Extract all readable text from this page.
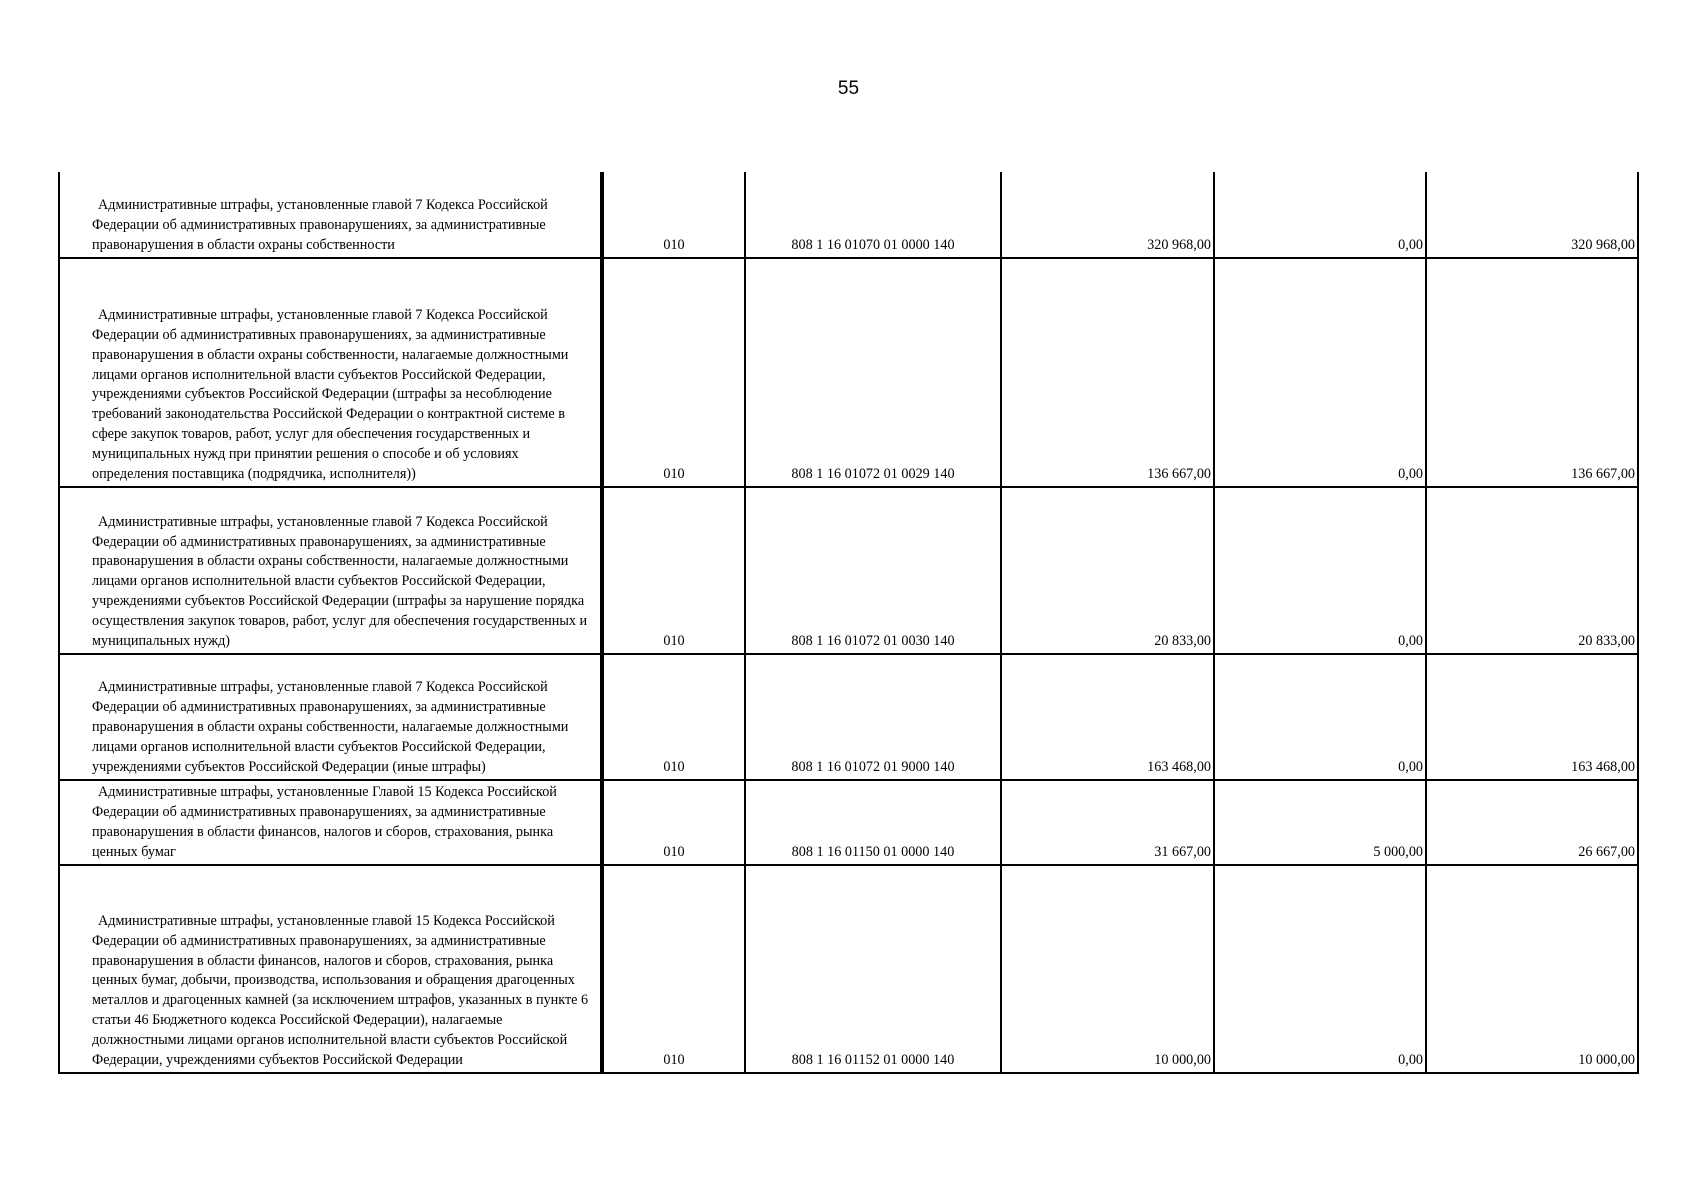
55
Административные штрафы, установленные главой 7 Кодекса Российской Федерации об административных правонарушениях, за административные правонарушения в области охраны собственности	010	808 1 16 01070 01 0000 140	320 968,00	0,00	320 968,00
Административные штрафы, установленные главой 7 Кодекса Российской Федерации об административных правонарушениях, за административные правонарушения в области охраны собственности, налагаемые должностными лицами органов исполнительной власти субъектов Российской Федерации, учреждениями субъектов Российской Федерации (штрафы за несоблюдение требований законодательства Российской Федерации о контрактной системе в сфере закупок товаров, работ, услуг для обеспечения государственных и муниципальных нужд при принятии решения о способе и об условиях определения поставщика (подрядчика, исполнителя))	010	808 1 16 01072 01 0029 140	136 667,00	0,00	136 667,00
Административные штрафы, установленные главой 7 Кодекса Российской Федерации об административных правонарушениях, за административные правонарушения в области охраны собственности, налагаемые должностными лицами органов исполнительной власти субъектов Российской Федерации, учреждениями субъектов Российской Федерации (штрафы за нарушение порядка осуществления закупок товаров, работ, услуг для обеспечения государственных и муниципальных нужд)	010	808 1 16 01072 01 0030 140	20 833,00	0,00	20 833,00
Административные штрафы, установленные главой 7 Кодекса Российской Федерации об административных правонарушениях, за административные правонарушения в области охраны собственности, налагаемые должностными лицами органов исполнительной власти субъектов Российской Федерации, учреждениями субъектов Российской Федерации (иные штрафы)	010	808 1 16 01072 01 9000 140	163 468,00	0,00	163 468,00
Административные штрафы, установленные Главой 15 Кодекса Российской Федерации об административных правонарушениях, за административные правонарушения в области финансов, налогов и сборов, страхования, рынка ценных бумаг	010	808 1 16 01150 01 0000 140	31 667,00	5 000,00	26 667,00
Административные штрафы, установленные главой 15 Кодекса Российской Федерации об административных правонарушениях, за административные правонарушения в области финансов, налогов и сборов, страхования, рынка ценных бумаг, добычи, производства, использования и обращения драгоценных металлов и драгоценных камней (за исключением штрафов, указанных в пункте 6 статьи 46 Бюджетного кодекса Российской Федерации), налагаемые должностными лицами органов исполнительной власти субъектов Российской Федерации, учреждениями субъектов Российской Федерации	010	808 1 16 01152 01 0000 140	10 000,00	0,00	10 000,00
